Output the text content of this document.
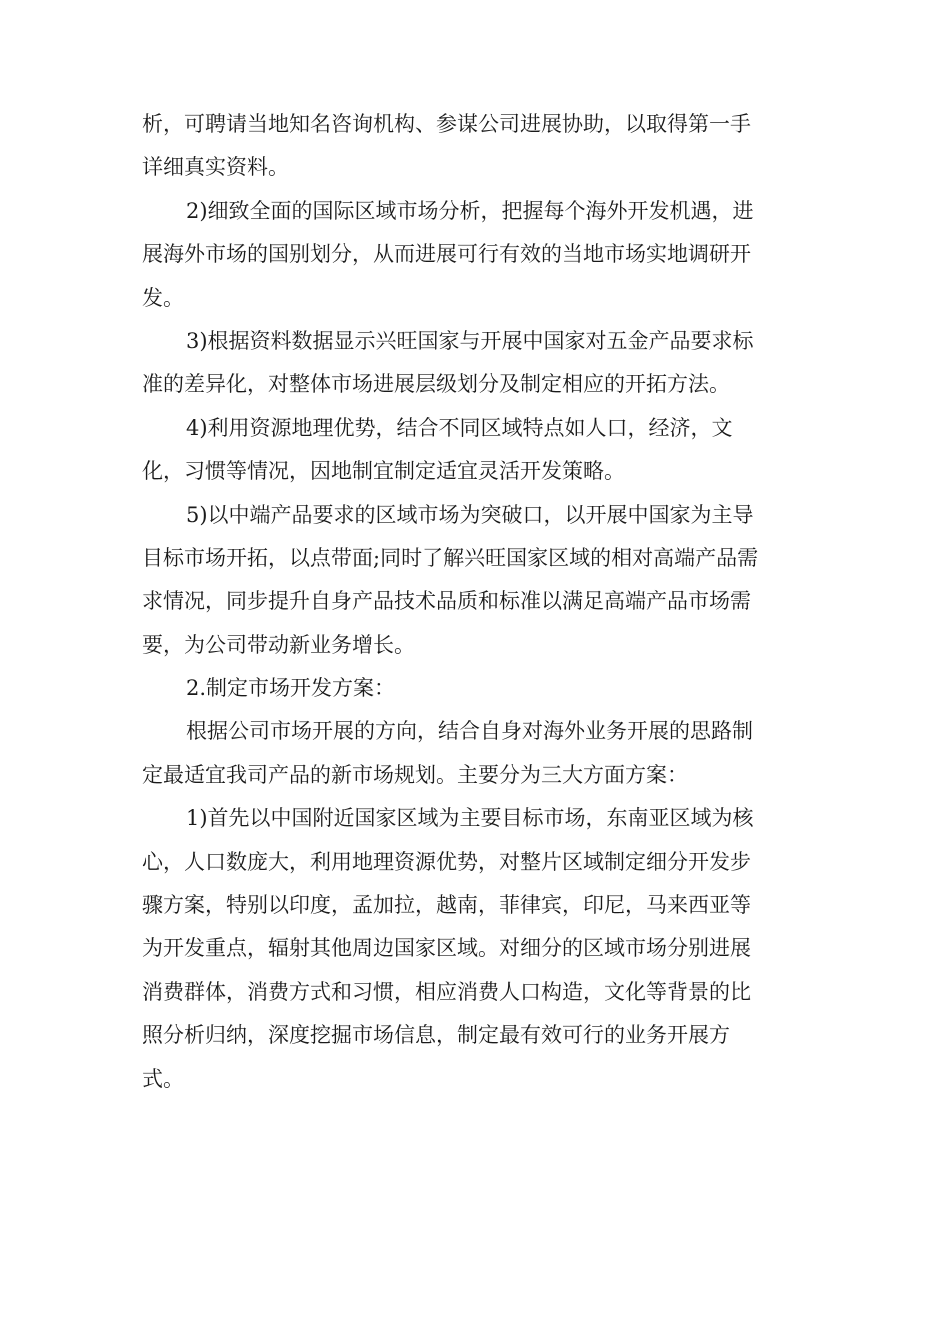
析，可聘请当地知名咨询机构、参谋公司进展协助，以取得第一手
详细真实资料。
2)细致全面的国际区域市场分析，把握每个海外开发机遇，进
展海外市场的国别划分，从而进展可行有效的当地市场实地调研开
发。
3)根据资料数据显示兴旺国家与开展中国家对五金产品要求标
准的差异化，对整体市场进展层级划分及制定相应的开拓方法。
4)利用资源地理优势，结合不同区域特点如人口，经济，文
化，习惯等情况，因地制宜制定适宜灵活开发策略。
5)以中端产品要求的区域市场为突破口，以开展中国家为主导
目标市场开拓，以点带面;同时了解兴旺国家区域的相对高端产品需
求情况，同步提升自身产品技术品质和标准以满足高端产品市场需
要，为公司带动新业务增长。
2.制定市场开发方案：
根据公司市场开展的方向，结合自身对海外业务开展的思路制
定最适宜我司产品的新市场规划。主要分为三大方面方案：
1)首先以中国附近国家区域为主要目标市场，东南亚区域为核
心，人口数庞大，利用地理资源优势，对整片区域制定细分开发步
骤方案，特别以印度，孟加拉，越南，菲律宾，印尼，马来西亚等
为开发重点，辐射其他周边国家区域。对细分的区域市场分别进展
消费群体，消费方式和习惯，相应消费人口构造，文化等背景的比
照分析归纳，深度挖掘市场信息，制定最有效可行的业务开展方
式。
